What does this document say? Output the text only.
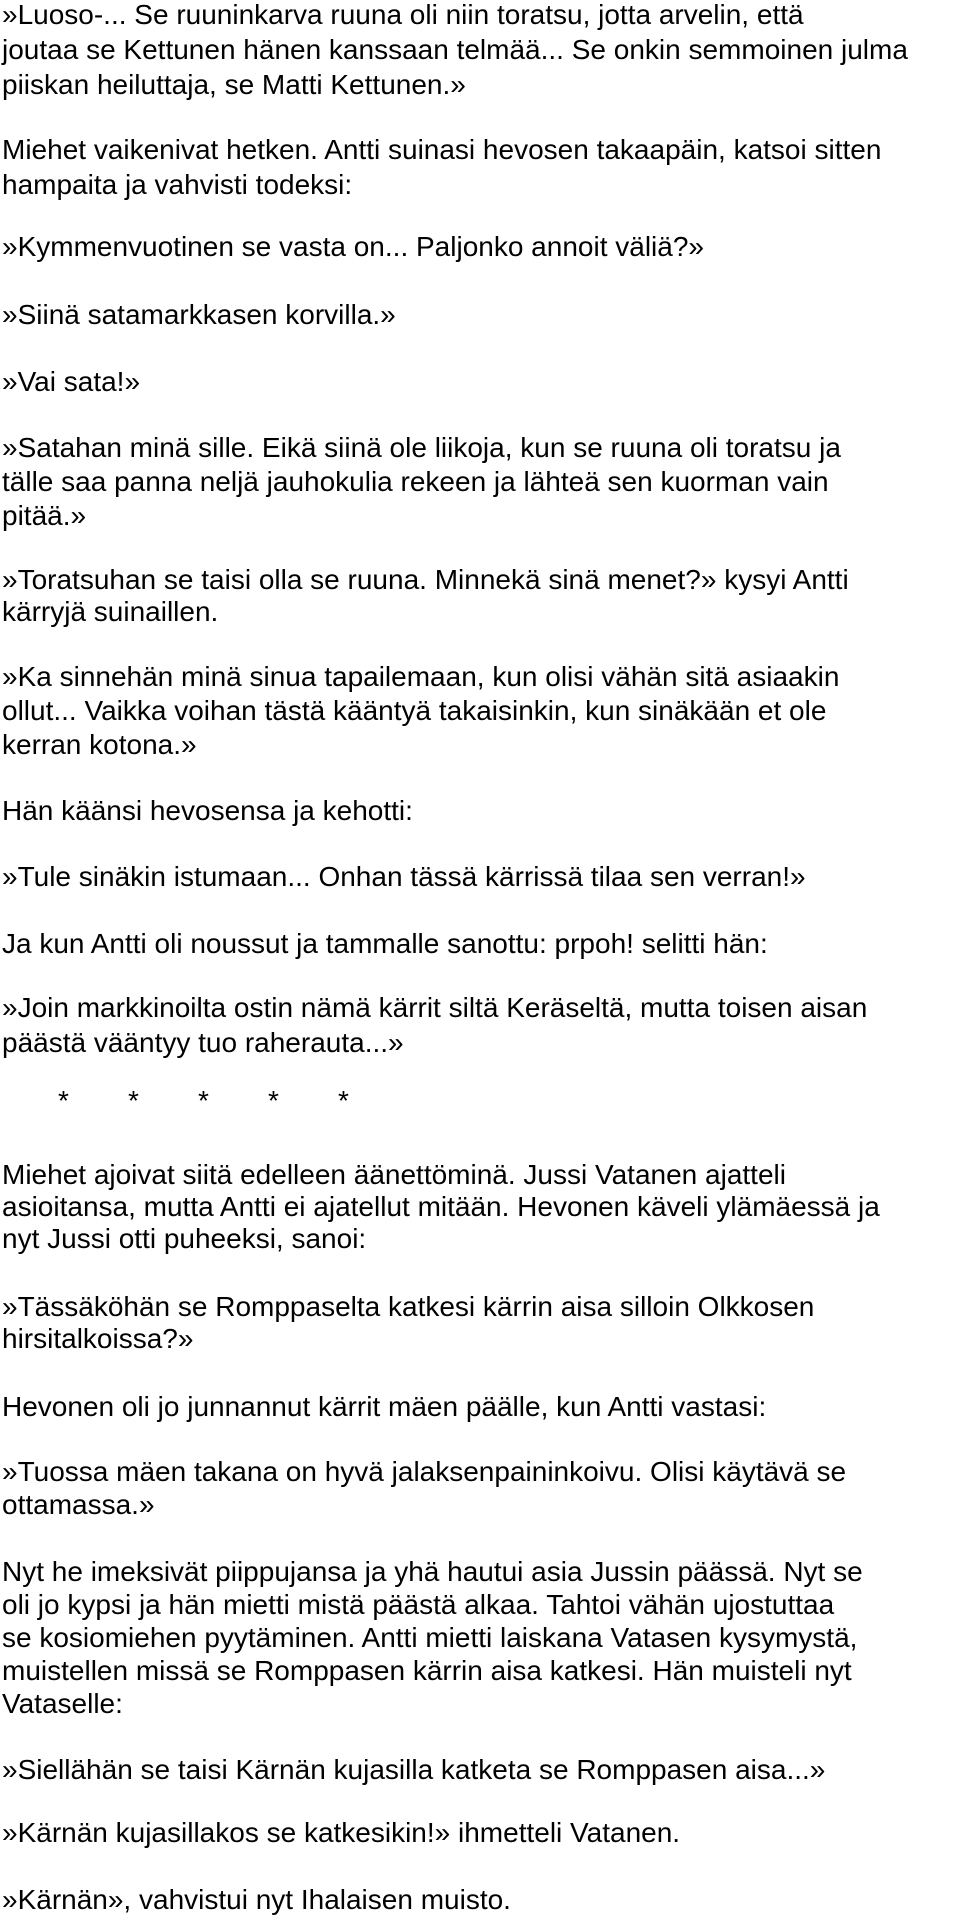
»Luoso-... Se ruuninkarva ruuna oli niin toratsu, jotta arvelin, että
joutaa se Kettunen hänen kanssaan telmää... Se onkin semmoinen julma
piiskan heiluttaja, se Matti Kettunen.»
Miehet vaikenivat hetken. Antti suinasi hevosen takaapäin, katsoi sitten
hampaita ja vahvisti todeksi:
»Kymmenvuotinen se vasta on... Paljonko annoit väliä?»
»Siinä satamarkkasen korvilla.»
»Vai sata!»
»Satahan minä sille. Eikä siinä ole liikoja, kun se ruuna oli toratsu ja
tälle saa panna neljä jauhokulia rekeen ja lähteä sen kuorman vain
pitää.»
»Toratsuhan se taisi olla se ruuna. Minnekä sinä menet?» kysyi Antti
kärryjä suinaillen.
»Ka sinnehän minä sinua tapailemaan, kun olisi vähän sitä asiaakin
ollut... Vaikka voihan tästä kääntyä takaisinkin, kun sinäkään et ole
kerran kotona.»
Hän käänsi hevosensa ja kehotti:
»Tule sinäkin istumaan... Onhan tässä kärrissä tilaa sen verran!»
Ja kun Antti oli noussut ja tammalle sanottu: prpoh! selitti hän:
»Join markkinoilta ostin nämä kärrit siltä Keräseltä, mutta toisen aisan
päästä vääntyy tuo raherauta...»
Miehet ajoivat siitä edelleen äänettöminä. Jussi Vatanen ajatteli
asioitansa, mutta Antti ei ajatellut mitään. Hevonen käveli ylämäessä ja
nyt Jussi otti puheeksi, sanoi:
»Tässäköhän se Romppaselta katkesi kärrin aisa silloin Olkkosen
hirsitalkoissa?»
Hevonen oli jo junnannut kärrit mäen päälle, kun Antti vastasi:
»Tuossa mäen takana on hyvä jalaksenpaininkoivu. Olisi käytävä se
ottamassa.»
Nyt he imeksivät piippujansa ja yhä hautui asia Jussin päässä. Nyt se
oli jo kypsi ja hän mietti mistä päästä alkaa. Tahtoi vähän ujostuttaa
se kosiomiehen pyytäminen. Antti mietti laiskana Vatasen kysymystä,
muistellen missä se Romppasen kärrin aisa katkesi. Hän muisteli nyt
Vataselle:
»Siellähän se taisi Kärnän kujasilla katketa se Romppasen aisa...»
»Kärnän kujasillakos se katkesikin!» ihmetteli Vatanen.
»Kärnän», vahvistui nyt Ihalaisen muisto.
* * * * *
